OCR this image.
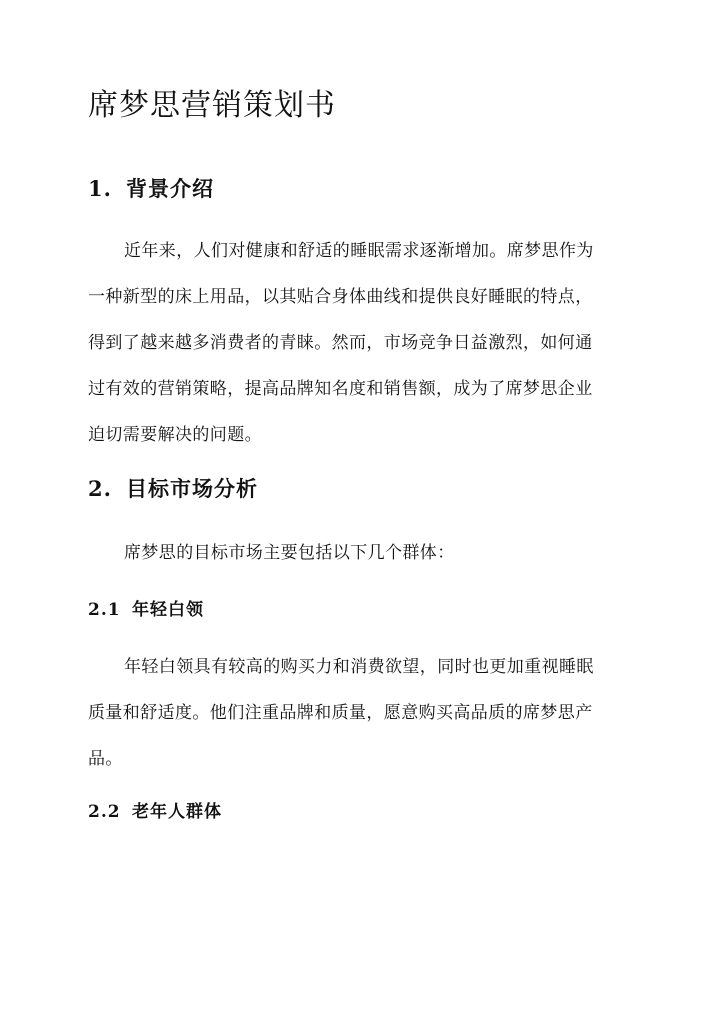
席梦思营销策划书
1. 背景介绍
近年来，人们对健康和舒适的睡眠需求逐渐增加。席梦思作为
一种新型的床上用品，以其贴合身体曲线和提供良好睡眠的特点，
得到了越来越多消费者的青睐。然而，市场竞争日益激烈，如何通
过有效的营销策略，提高品牌知名度和销售额，成为了席梦思企业
迫切需要解决的问题。
2. 目标市场分析
席梦思的目标市场主要包括以下几个群体：
2.1 年轻白领
年轻白领具有较高的购买力和消费欲望，同时也更加重视睡眠
质量和舒适度。他们注重品牌和质量，愿意购买高品质的席梦思产
品。
2.2 老年人群体
